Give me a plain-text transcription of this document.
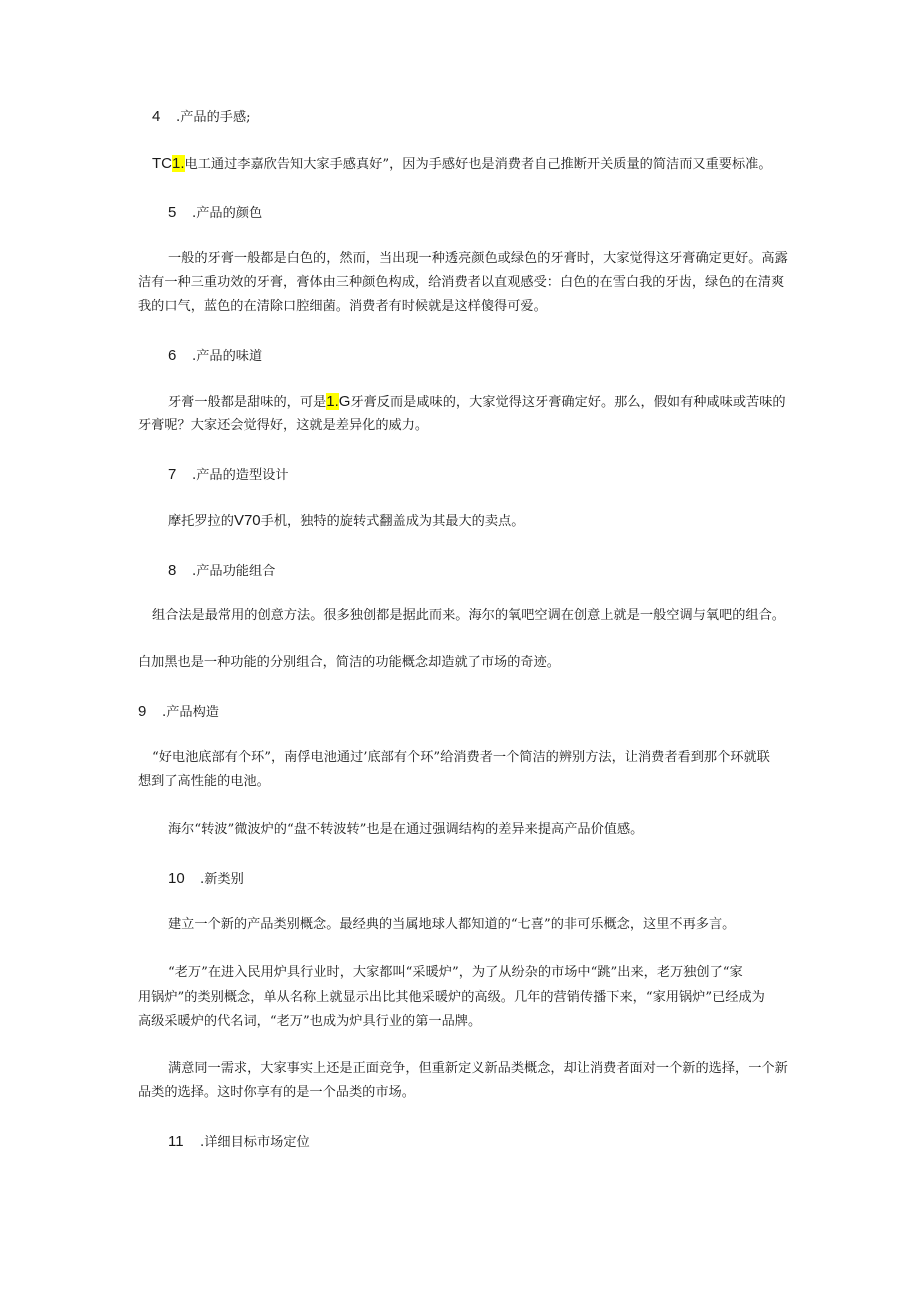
4 .产品的手感;
TC1.电工通过李嘉欣告知大家手感真好”，因为手感好也是消费者自己推断开关质量的简洁而又重要标准。
5 .产品的颜色
一般的牙膏一般都是白色的，然而，当出现一种透亮颜色或绿色的牙膏时，大家觉得这牙膏确定更好。高露
洁有一种三重功效的牙膏，膏体由三种颜色构成，给消费者以直观感受：白色的在雪白我的牙齿，绿色的在清爽
我的口气，蓝色的在清除口腔细菌。消费者有时候就是这样傻得可爱。
6 .产品的味道
牙膏一般都是甜味的，可是1.G牙膏反而是咸味的，大家觉得这牙膏确定好。那么，假如有种咸味或苦味的
牙膏呢？大家还会觉得好，这就是差异化的威力。
7 .产品的造型设计
摩托罗拉的V70手机，独特的旋转式翻盖成为其最大的卖点。
8 .产品功能组合
组合法是最常用的创意方法。很多独创都是据此而来。海尔的氧吧空调在创意上就是一般空调与氧吧的组合。
白加黑也是一种功能的分别组合，简洁的功能概念却造就了市场的奇迹。
9 .产品构造
“好电池底部有个环”，南俘电池通过’底部有个环”给消费者一个简洁的辨别方法，让消费者看到那个环就联
想到了高性能的电池。
海尔“转波”微波炉的“盘不转波转”也是在通过强调结构的差异来提高产品价值感。
10 .新类别
建立一个新的产品类别概念。最经典的当属地球人都知道的“七喜”的非可乐概念，这里不再多言。
“老万”在进入民用炉具行业时，大家都叫“采暖炉”，为了从纷杂的市场中“跳”出来，老万独创了“家
用锅炉”的类别概念，单从名称上就显示出比其他采暖炉的高级。几年的营销传播下来，“家用锅炉”已经成为
高级采暖炉的代名词，“老万”也成为炉具行业的第一品牌。
满意同一需求，大家事实上还是正面竞争，但重新定义新品类概念，却让消费者面对一个新的选择，一个新
品类的选择。这时你享有的是一个品类的市场。
11 .详细目标市场定位
